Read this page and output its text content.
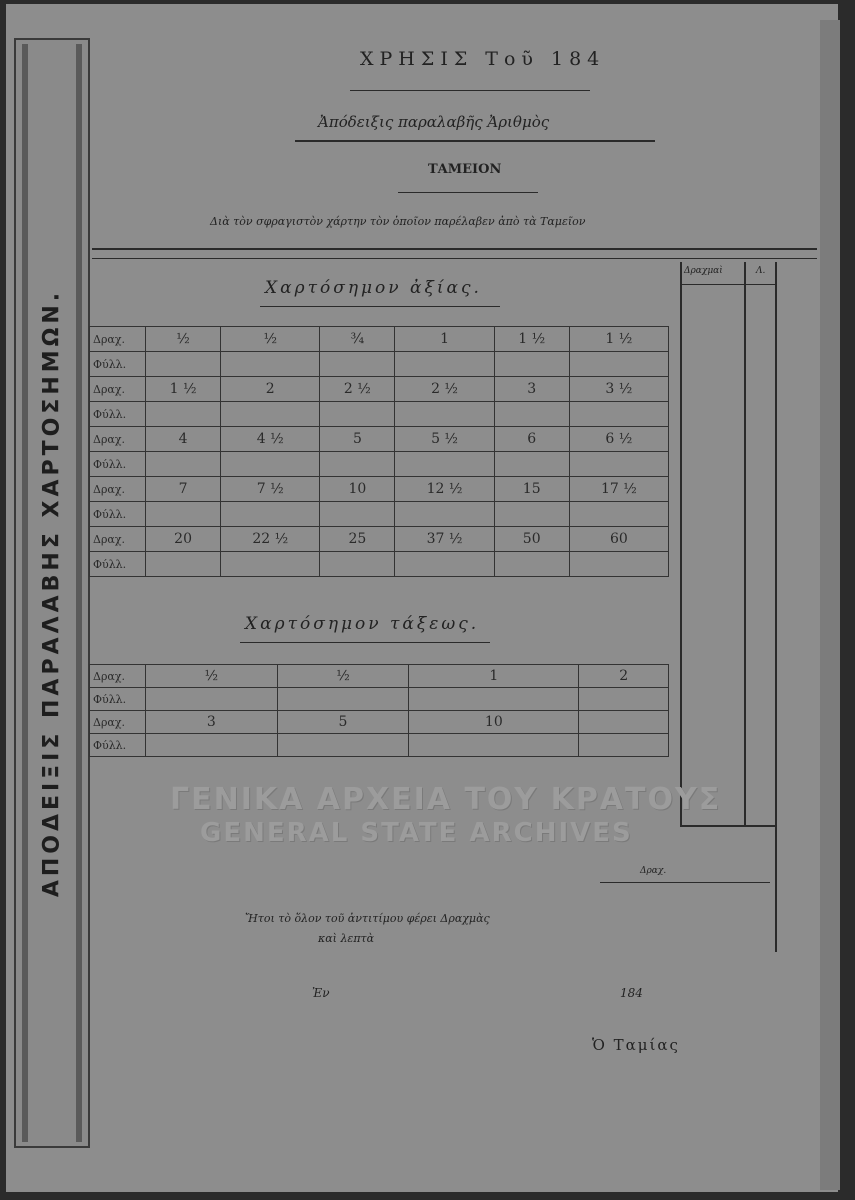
ΑΠΟΔΕΙΞΙΣ ΠΑΡΑΛΑΒΗΣ ΧΑΡΤΟΣΗΜΩΝ.
ΧΡΗΣΙΣ Τοῦ 184
Ἀπόδειξις παραλαβῆς Ἀριθμὸς
ΤΑΜΕΙΟΝ
Διὰ τὸν σφραγιστὸν χάρτην τὸν ὁποῖον παρέλαβεν ἀπὸ τὰ Ταμεῖον
Δραχμαὶ	Λ.
Χαρτόσημον ἀξίας.
Δραχ.	½	½	¾	1	1 ½	1 ½
Φύλλ.						
Δραχ.	1 ½	2	2 ½	2 ½	3	3 ½
Φύλλ.						
Δραχ.	4	4 ½	5	5 ½	6	6 ½
Φύλλ.						
Δραχ.	7	7 ½	10	12 ½	15	17 ½
Φύλλ.						
Δραχ.	20	22 ½	25	37 ½	50	60
Φύλλ.						
Χαρτόσημον τάξεως.
Δραχ.	½	½	1	2
Φύλλ.				
Δραχ.	3	5	10	
Φύλλ.				
ΓΕΝΙΚΑ ΑΡΧΕΙΑ ΤΟΥ ΚΡΑΤΟΥΣ
GENERAL STATE ARCHIVES
Δραχ.
Ἤτοι τὸ ὅλον τοῦ ἀντιτίμου φέρει Δραχμὰς
καὶ λεπτὰ
Ἐν	184
Ὁ Ταμίας
